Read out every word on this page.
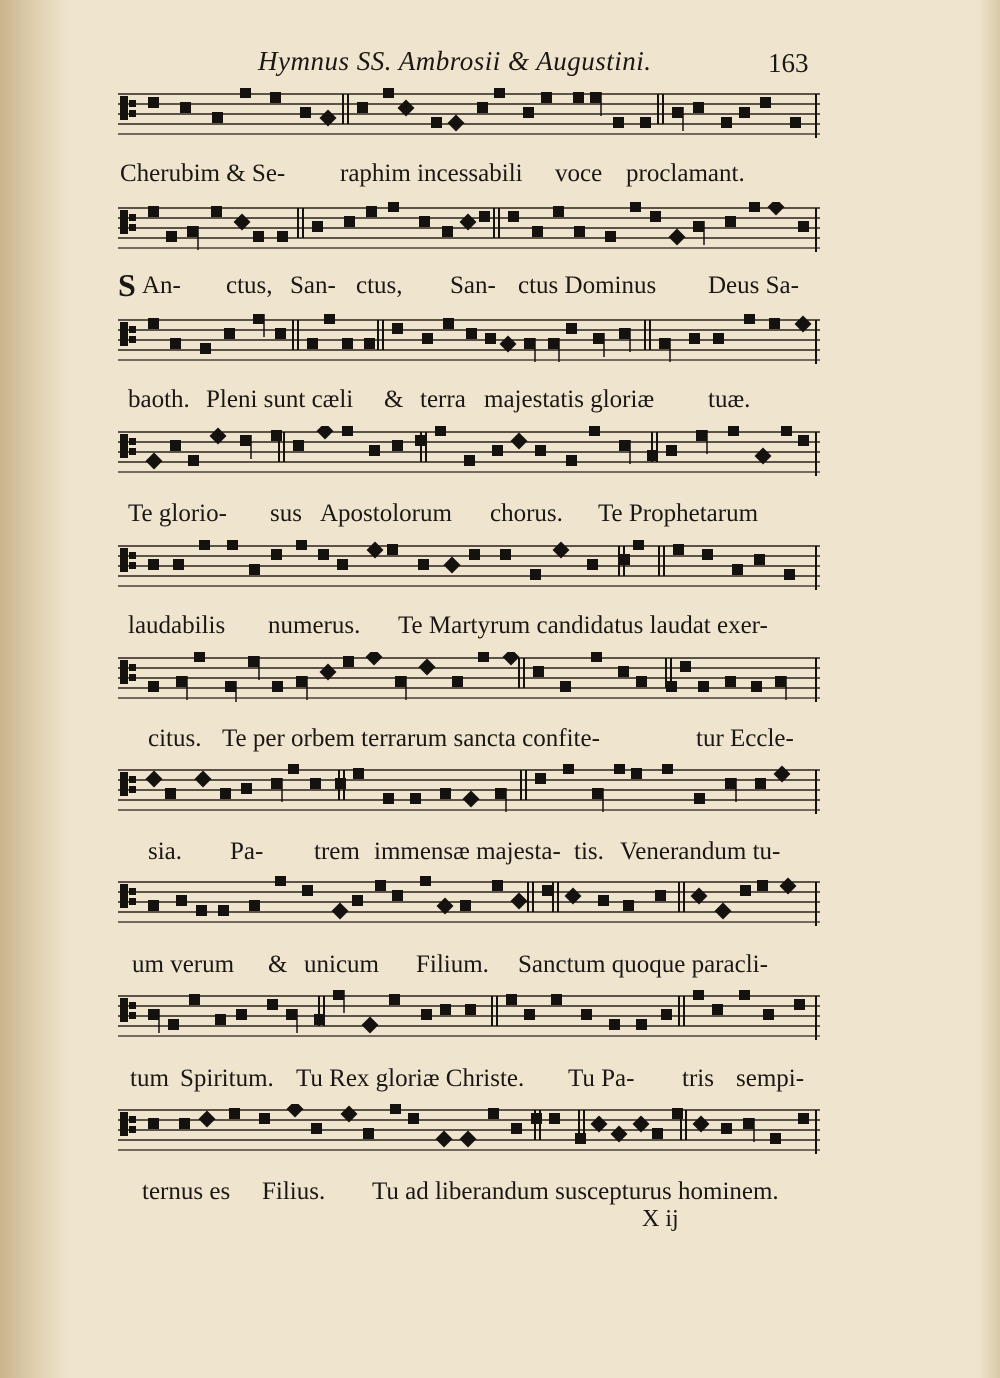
Hymnus SS. Ambrosii & Augustini.	163
Cherubim & Se- raphim incessabili voce proclamant.
S An- ctus, San- ctus, San- ctus Dominus Deus Sa-
baoth. Pleni sunt cæli & terra majestatis gloriæ tuæ.
Te glorio- sus Apostolorum chorus. Te Prophetarum
laudabilis numerus. Te Martyrum candidatus laudat exer-
citus. Te per orbem terrarum sancta confite-	tur Eccle-
sia. Pa- trem immensæ majesta- tis. Venerandum tu-
um verum & unicum Filium. Sanctum quoque paracli-
tum Spiritum. Tu Rex gloriæ Christe. Tu Pa- tris sempi-
ternus es Filius. Tu ad liberandum suscepturus hominem.
X ij
